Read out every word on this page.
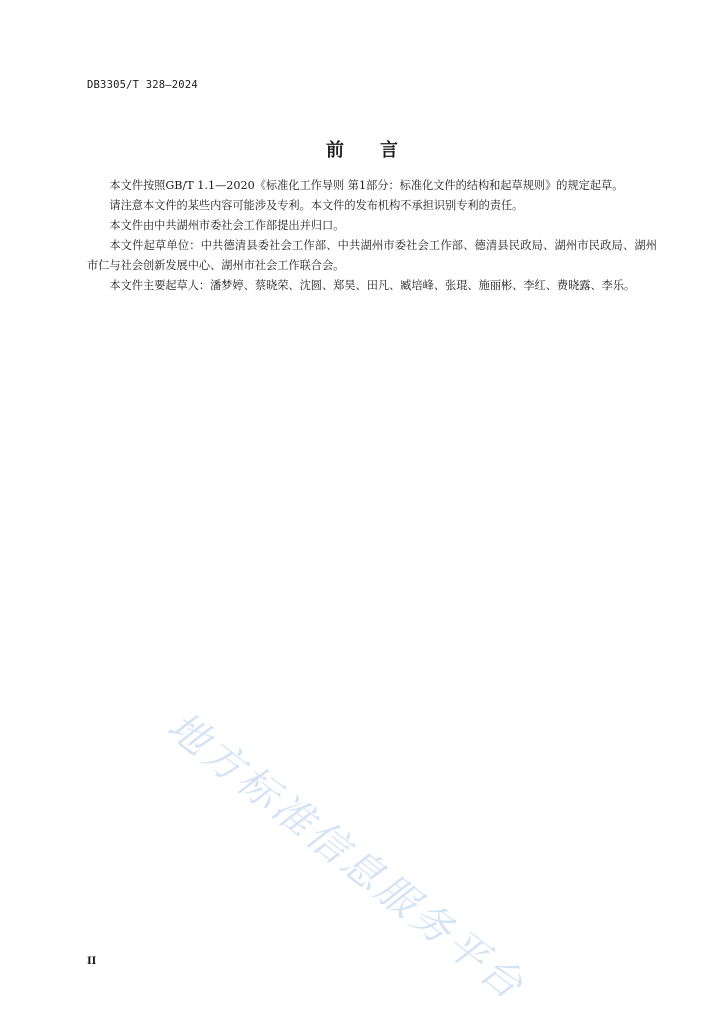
DB3305/T 328—2024
前 言

本文件按照GB/T 1.1—2020《标准化工作导则 第1部分：标准化文件的结构和起草规则》的规定起草。

请注意本文件的某些内容可能涉及专利。本文件的发布机构不承担识别专利的责任。

本文件由中共湖州市委社会工作部提出并归口。

本文件起草单位：中共德清县委社会工作部、中共湖州市委社会工作部、德清县民政局、湖州市民政局、湖州市仁与社会创新发展中心、湖州市社会工作联合会。

本文件主要起草人：潘梦婷、蔡晓荣、沈圆、郑昊、田凡、臧培峰、张琨、施丽彬、李红、费晓露、李乐。

地方标准信息服务平台
II
